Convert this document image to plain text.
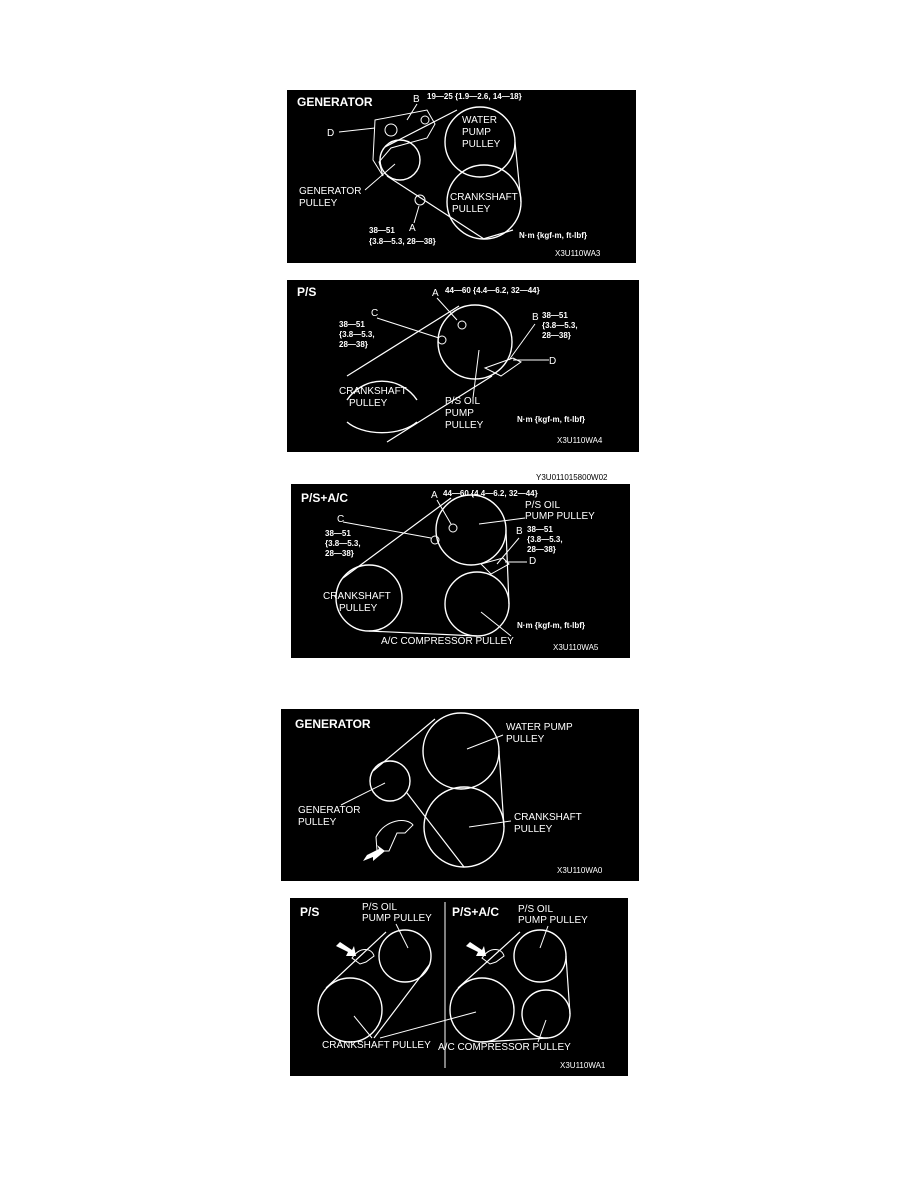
GENERATOR	B 19—25 {1.9—2.6, 14—18}
D
WATER
PUMP
PULLEY
GENERATOR
PULLEY
CRANKSHAFT
PULLEY
A
38—51
{3.8—5.3, 28—38}
N·m {kgf-m, ft-lbf}
X3U110WA3
P/S	A 44—60 {4.4—6.2, 32—44}
C
38—51
{3.8—5.3,
28—38}
B 38—51
{3.8—5.3,
28—38}
D
CRANKSHAFT
PULLEY	P/S OIL
PUMP
PULLEY
N·m {kgf-m, ft-lbf}
X3U110WA4
P/S+A/C	A 44—60 {4.4—6.2, 32—44}
P/S OIL
PUMP PULLEY
C
38—51
{3.8—5.3,
28—38}
B 38—51
{3.8—5.3,
28—38}
D
CRANKSHAFT
PULLEY
A/C COMPRESSOR PULLEY
N·m {kgf-m, ft-lbf}
X3U110WA5
Y3U011015800W02
GENERATOR	WATER PUMP
PULLEY
GENERATOR
PULLEY	CRANKSHAFT
PULLEY
X3U110WA0
P/S	P/S+A/C
P/S OIL
PUMP PULLEY
P/S OIL
PUMP PULLEY
CRANKSHAFT PULLEY A/C COMPRESSOR PULLEY
X3U110WA1
